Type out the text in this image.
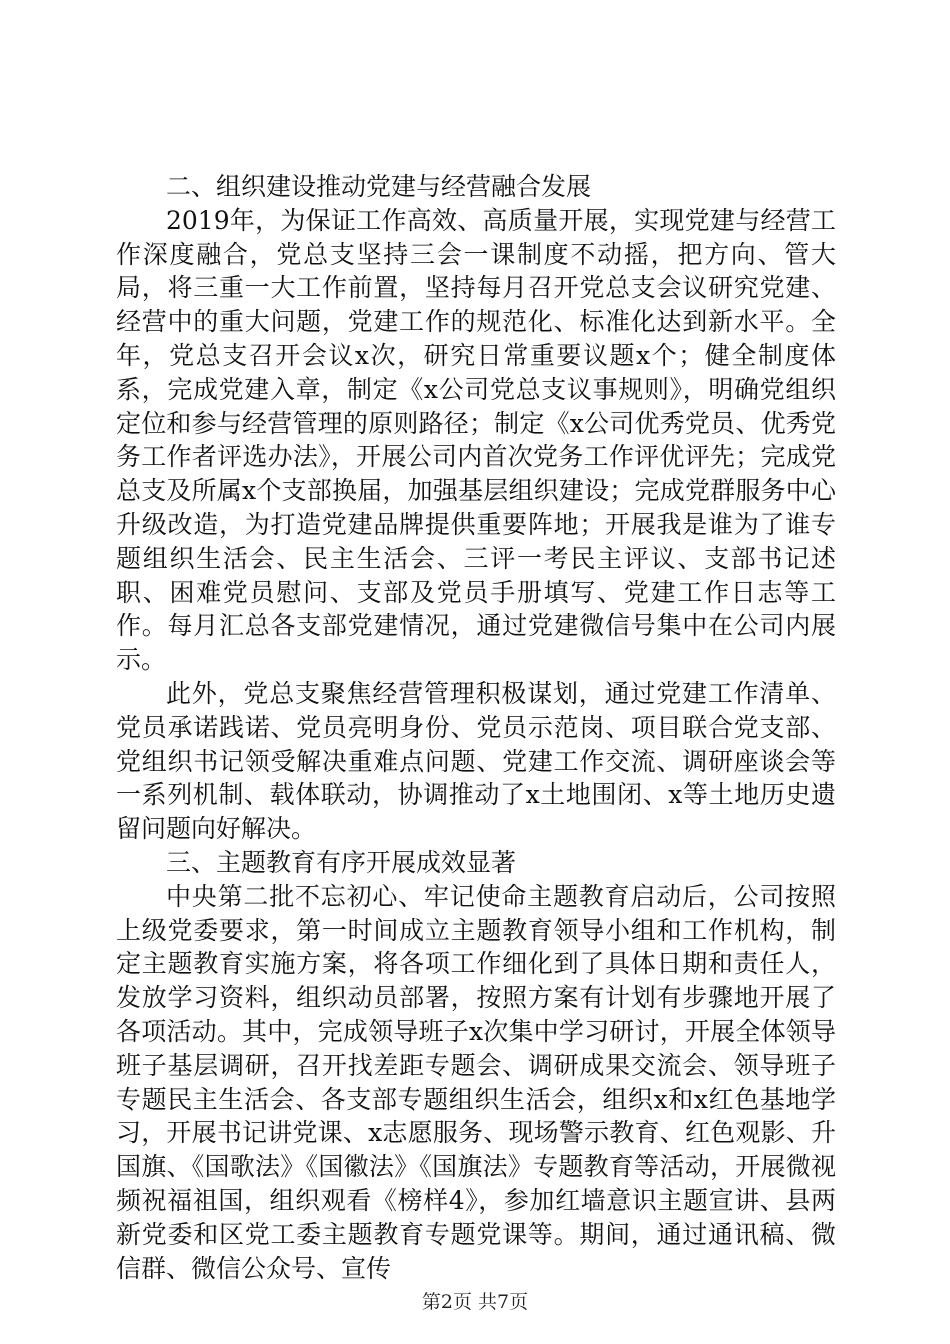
二、组织建设推动党建与经营融合发展

2019年，为保证工作高效、高质量开展，实现党建与经营工作深度融合，党总支坚持三会一课制度不动摇，把方向、管大局，将三重一大工作前置，坚持每月召开党总支会议研究党建、经营中的重大问题，党建工作的规范化、标准化达到新水平。全年，党总支召开会议x次，研究日常重要议题x个；健全制度体系，完成党建入章，制定《x公司党总支议事规则》，明确党组织定位和参与经营管理的原则路径；制定《x公司优秀党员、优秀党务工作者评选办法》，开展公司内首次党务工作评优评先；完成党总支及所属x个支部换届，加强基层组织建设；完成党群服务中心升级改造，为打造党建品牌提供重要阵地；开展我是谁为了谁专题组织生活会、民主生活会、三评一考民主评议、支部书记述职、困难党员慰问、支部及党员手册填写、党建工作日志等工作。每月汇总各支部党建情况，通过党建微信号集中在公司内展示。

此外，党总支聚焦经营管理积极谋划，通过党建工作清单、党员承诺践诺、党员亮明身份、党员示范岗、项目联合党支部、党组织书记领受解决重难点问题、党建工作交流、调研座谈会等一系列机制、载体联动，协调推动了x土地围闭、x等土地历史遗留问题向好解决。

三、主题教育有序开展成效显著

中央第二批不忘初心、牢记使命主题教育启动后，公司按照上级党委要求，第一时间成立主题教育领导小组和工作机构，制定主题教育实施方案，将各项工作细化到了具体日期和责任人，发放学习资料，组织动员部署，按照方案有计划有步骤地开展了各项活动。其中，完成领导班子x次集中学习研讨，开展全体领导班子基层调研，召开找差距专题会、调研成果交流会、领导班子专题民主生活会、各支部专题组织生活会，组织x和x红色基地学习，开展书记讲党课、x志愿服务、现场警示教育、红色观影、升国旗、《国歌法》《国徽法》《国旗法》专题教育等活动，开展微视频祝福祖国，组织观看《榜样4》，参加红墙意识主题宣讲、县两新党委和区党工委主题教育专题党课等。期间，通过通讯稿、微信群、微信公众号、宣传

第2页 共7页
